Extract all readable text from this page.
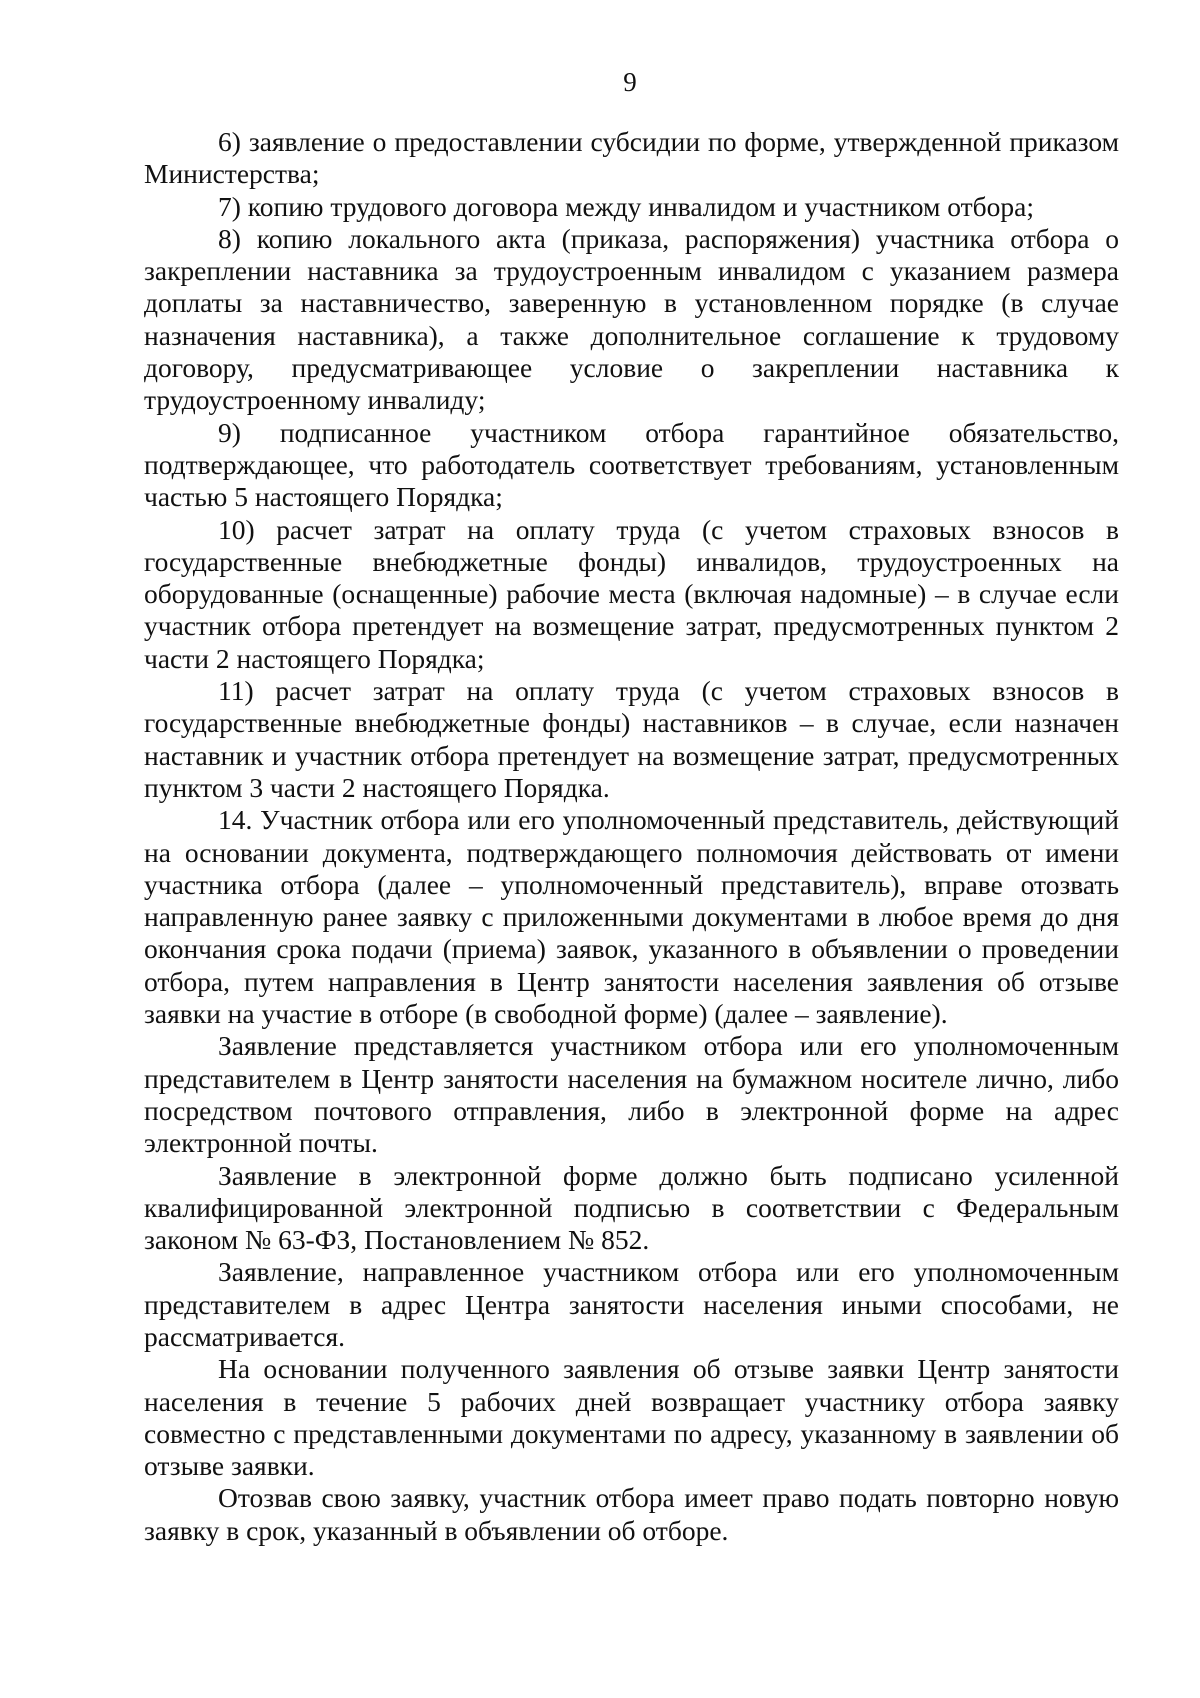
9

6) заявление о предоставлении субсидии по форме, утвержденной приказом Министерства;

7) копию трудового договора между инвалидом и участником отбора;

8) копию локального акта (приказа, распоряжения) участника отбора о закреплении наставника за трудоустроенным инвалидом с указанием размера доплаты за наставничество, заверенную в установленном порядке (в случае назначения наставника), а также дополнительное соглашение к трудовому договору, предусматривающее условие о закреплении наставника к трудоустроенному инвалиду;

9) подписанное участником отбора гарантийное обязательство, подтверждающее, что работодатель соответствует требованиям, установленным частью 5 настоящего Порядка;

10) расчет затрат на оплату труда (с учетом страховых взносов в государственные внебюджетные фонды) инвалидов, трудоустроенных на оборудованные (оснащенные) рабочие места (включая надомные) – в случае если участник отбора претендует на возмещение затрат, предусмотренных пунктом 2 части 2 настоящего Порядка;

11) расчет затрат на оплату труда (с учетом страховых взносов в государственные внебюджетные фонды) наставников – в случае, если назначен наставник и участник отбора претендует на возмещение затрат, предусмотренных пунктом 3 части 2 настоящего Порядка.

14. Участник отбора или его уполномоченный представитель, действующий на основании документа, подтверждающего полномочия действовать от имени участника отбора (далее – уполномоченный представитель), вправе отозвать направленную ранее заявку с приложенными документами в любое время до дня окончания срока подачи (приема) заявок, указанного в объявлении о проведении отбора, путем направления в Центр занятости населения заявления об отзыве заявки на участие в отборе (в свободной форме) (далее – заявление).

Заявление представляется участником отбора или его уполномоченным представителем в Центр занятости населения на бумажном носителе лично, либо посредством почтового отправления, либо в электронной форме на адрес электронной почты.

Заявление в электронной форме должно быть подписано усиленной квалифицированной электронной подписью в соответствии с Федеральным законом № 63-ФЗ, Постановлением № 852.

Заявление, направленное участником отбора или его уполномоченным представителем в адрес Центра занятости населения иными способами, не рассматривается.

На основании полученного заявления об отзыве заявки Центр занятости населения в течение 5 рабочих дней возвращает участнику отбора заявку совместно с представленными документами по адресу, указанному в заявлении об отзыве заявки.

Отозвав свою заявку, участник отбора имеет право подать повторно новую заявку в срок, указанный в объявлении об отборе.
